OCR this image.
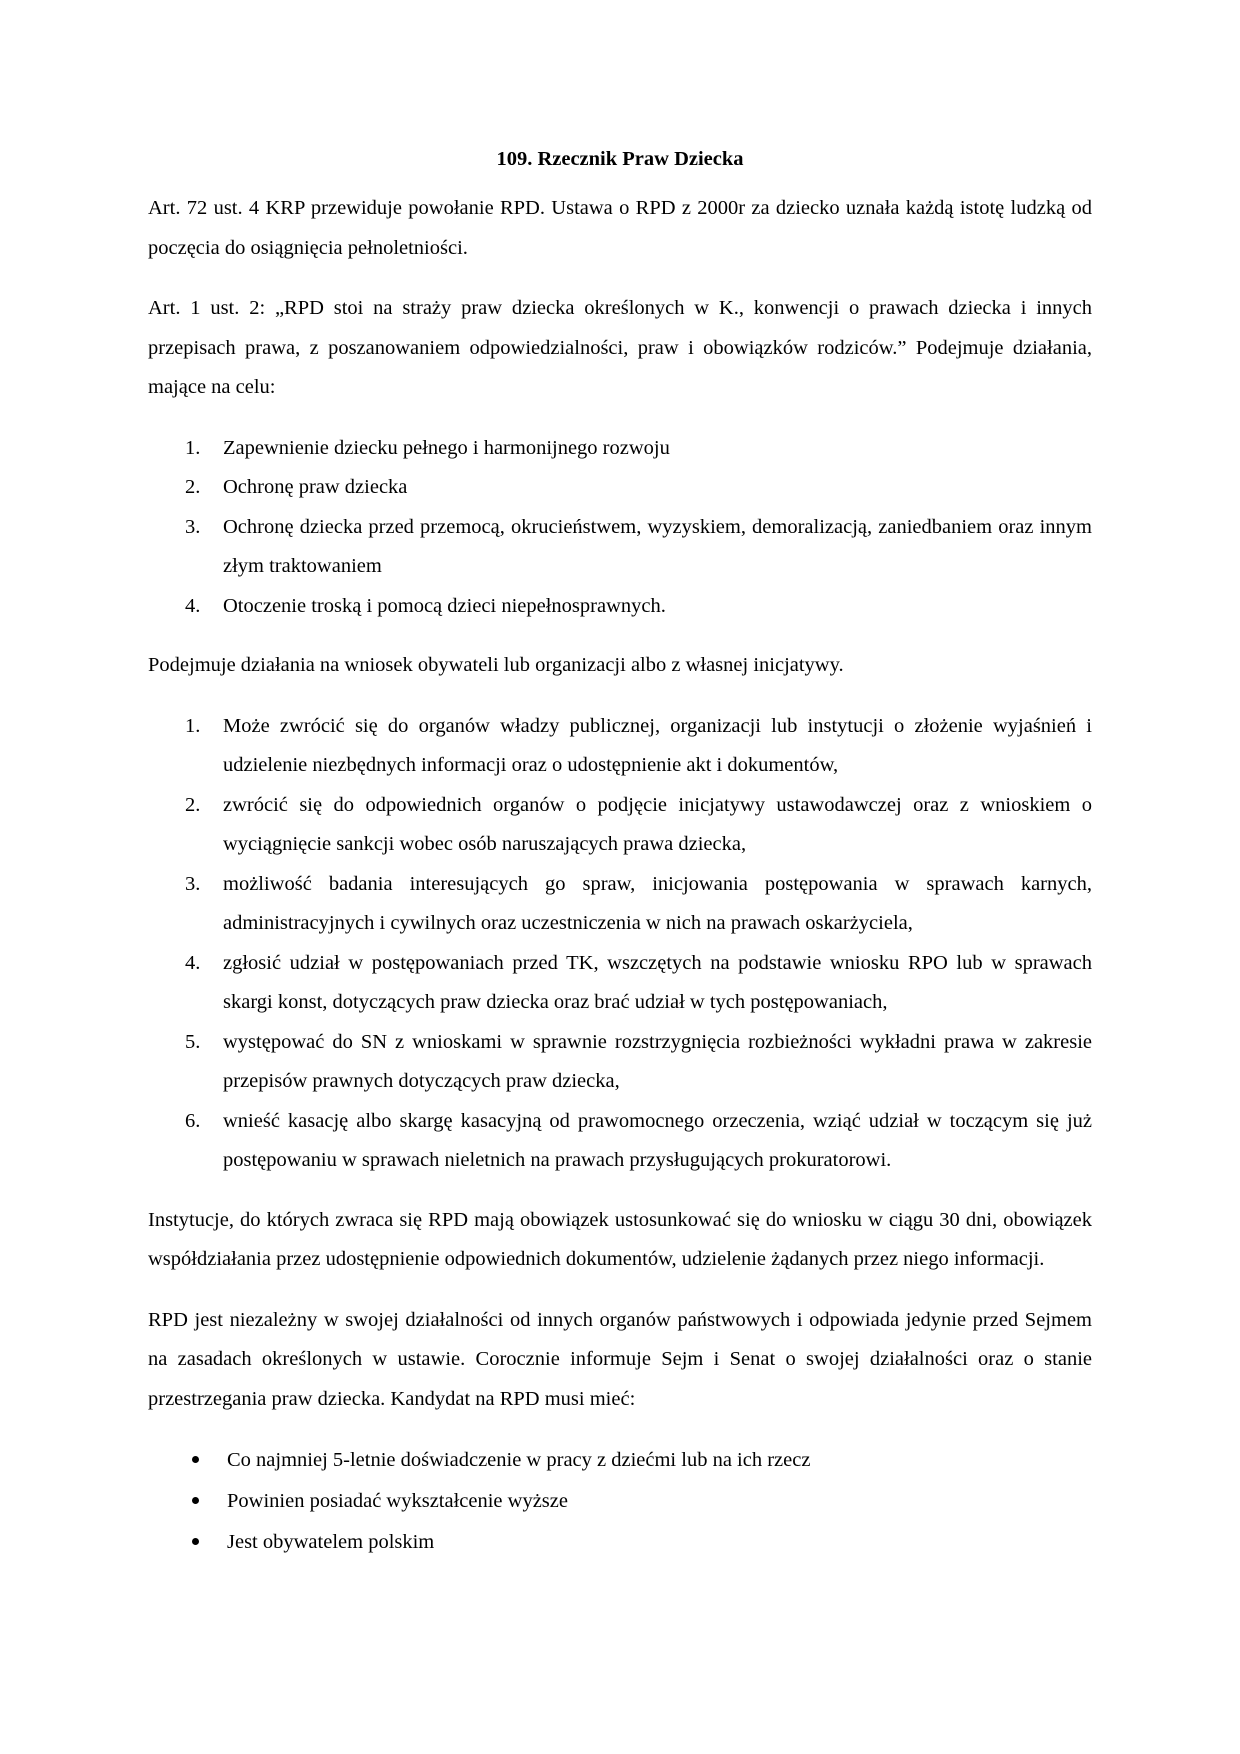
109. Rzecznik Praw Dziecka

Art. 72 ust. 4 KRP przewiduje powołanie RPD. Ustawa o RPD z 2000r za dziecko uznała każdą istotę ludzką od poczęcia do osiągnięcia pełnoletniości.

Art. 1 ust. 2: „RPD stoi na straży praw dziecka określonych w K., konwencji o prawach dziecka i innych przepisach prawa, z poszanowaniem odpowiedzialności, praw i obowiązków rodziców.” Podejmuje działania, mające na celu:

1. Zapewnienie dziecku pełnego i harmonijnego rozwoju
2. Ochronę praw dziecka
3. Ochronę dziecka przed przemocą, okrucieństwem, wyzyskiem, demoralizacją, zaniedbaniem oraz innym złym traktowaniem
4. Otoczenie troską i pomocą dzieci niepełnosprawnych.

Podejmuje działania na wniosek obywateli lub organizacji albo z własnej inicjatywy.

1. Może zwrócić się do organów władzy publicznej, organizacji lub instytucji o złożenie wyjaśnień i udzielenie niezbędnych informacji oraz o udostępnienie akt i dokumentów,
2. zwrócić się do odpowiednich organów o podjęcie inicjatywy ustawodawczej oraz z wnioskiem o wyciągnięcie sankcji wobec osób naruszających prawa dziecka,
3. możliwość badania interesujących go spraw, inicjowania postępowania w sprawach karnych, administracyjnych i cywilnych oraz uczestniczenia w nich na prawach oskarżyciela,
4. zgłosić udział w postępowaniach przed TK, wszczętych na podstawie wniosku RPO lub w sprawach skargi konst, dotyczących praw dziecka oraz brać udział w tych postępowaniach,
5. występować do SN z wnioskami w sprawnie rozstrzygnięcia rozbieżności wykładni prawa w zakresie przepisów prawnych dotyczących praw dziecka,
6. wnieść kasację albo skargę kasacyjną od prawomocnego orzeczenia, wziąć udział w toczącym się już postępowaniu w sprawach nieletnich na prawach przysługujących prokuratorowi.

Instytucje, do których zwraca się RPD mają obowiązek ustosunkować się do wniosku w ciągu 30 dni, obowiązek współdziałania przez udostępnienie odpowiednich dokumentów, udzielenie żądanych przez niego informacji.

RPD jest niezależny w swojej działalności od innych organów państwowych i odpowiada jedynie przed Sejmem na zasadach określonych w ustawie. Corocznie informuje Sejm i Senat o swojej działalności oraz o stanie przestrzegania praw dziecka. Kandydat na RPD musi mieć:

Co najmniej 5-letnie doświadczenie w pracy z dziećmi lub na ich rzecz
Powinien posiadać wykształcenie wyższe
Jest obywatelem polskim
